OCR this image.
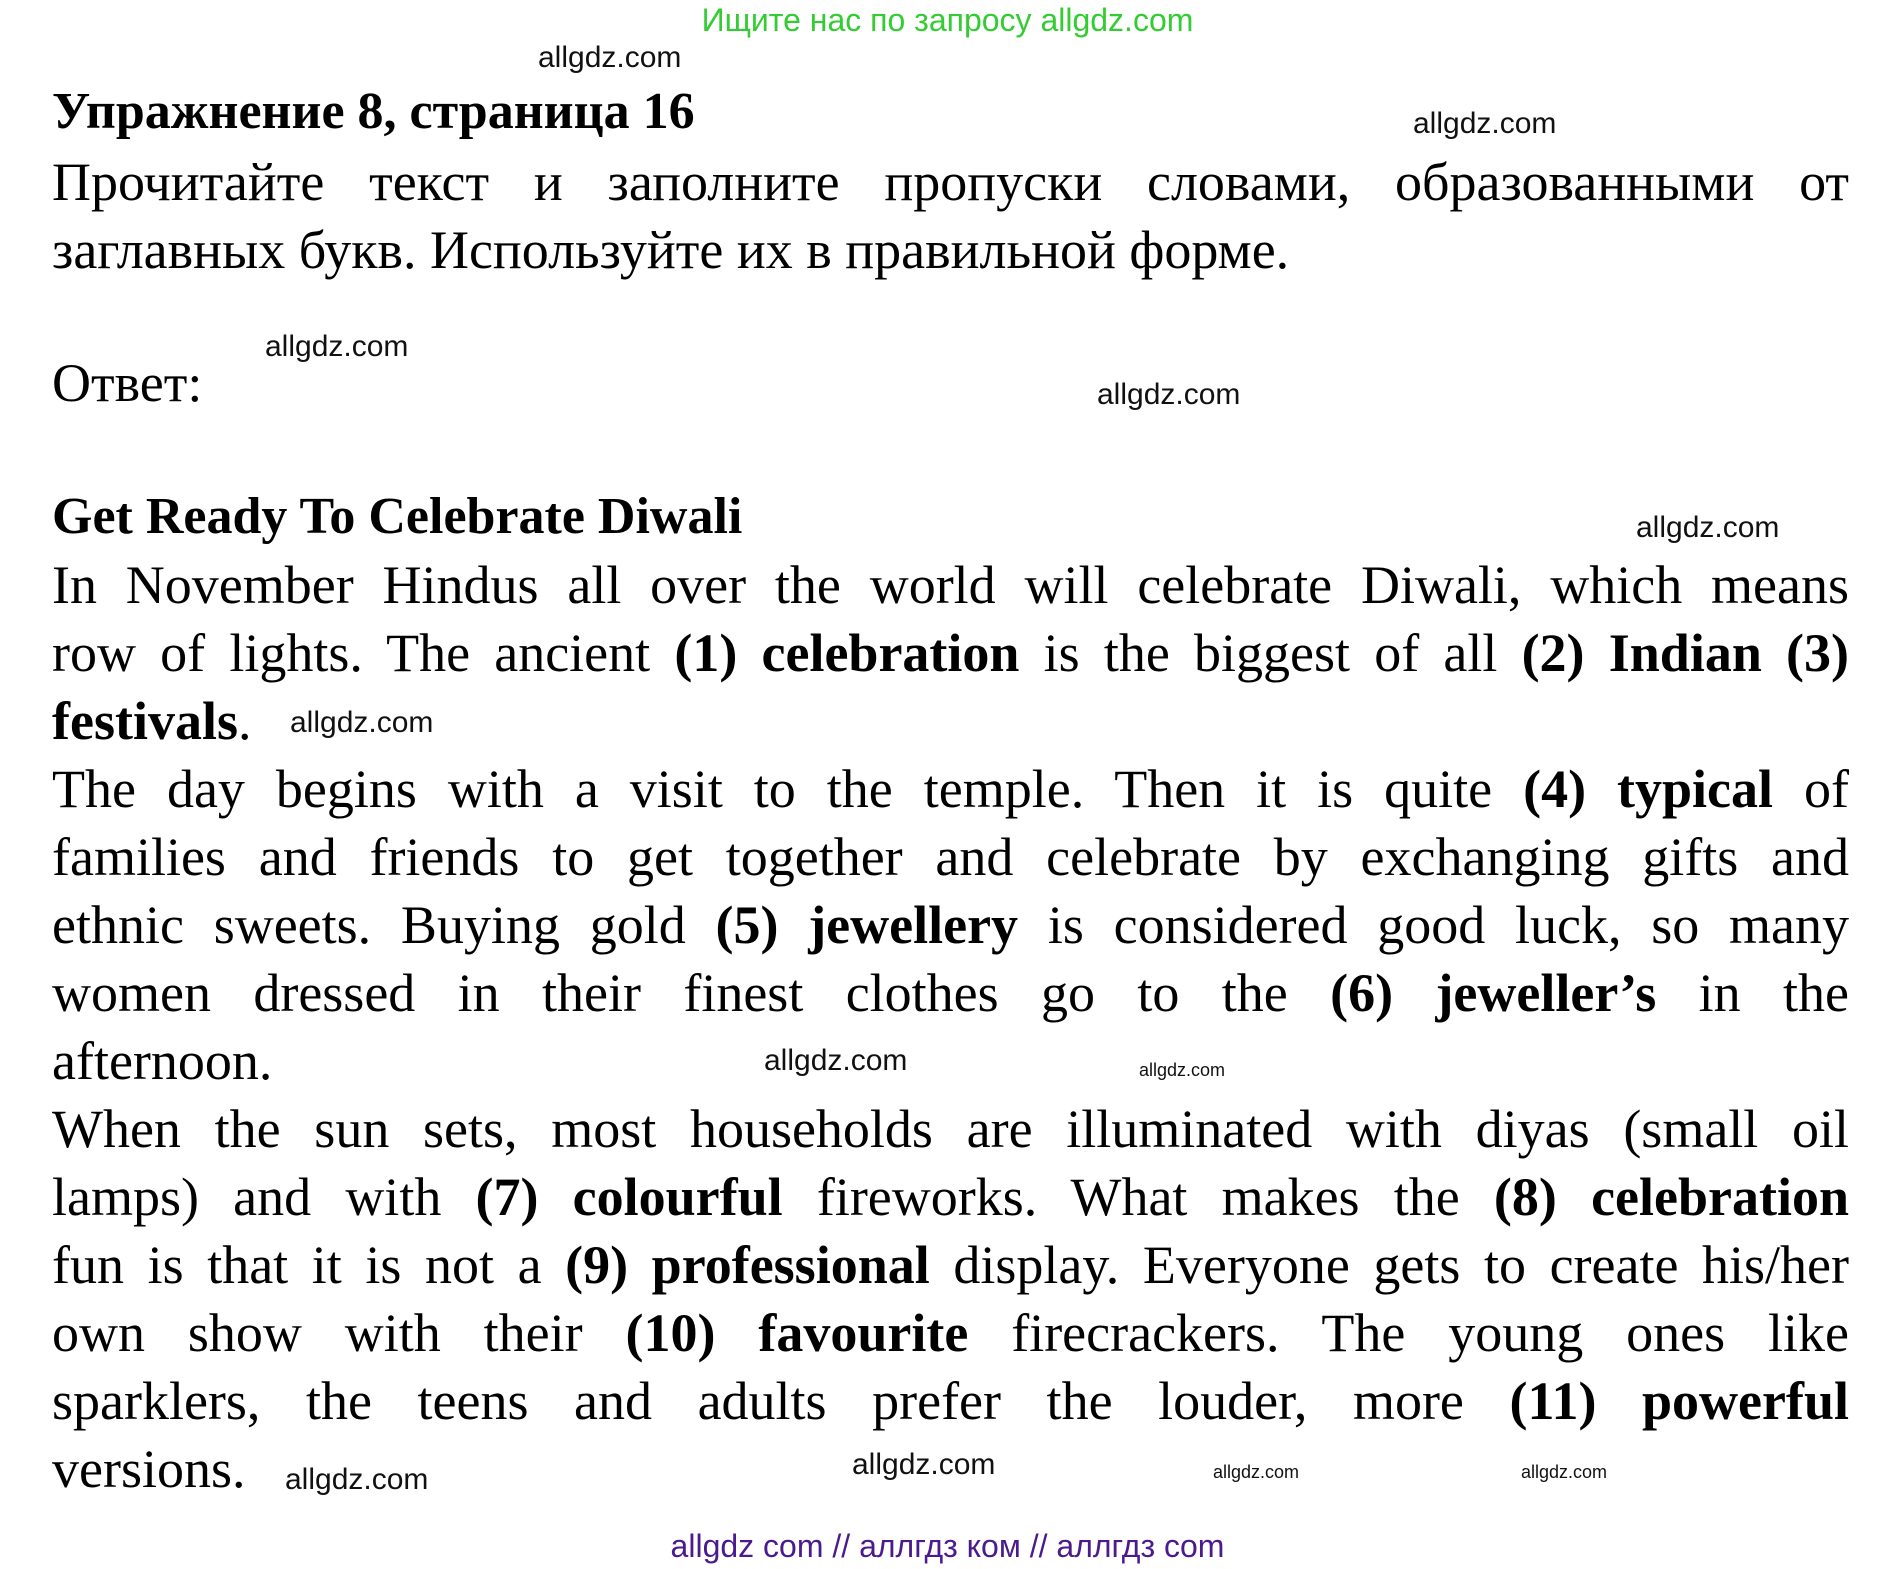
Ищите нас по запросу allgdz.com
allgdz.com
Упражнение 8, страница 16	allgdz.com
Прочитайте текст и заполните пропуски словами, образованными от
заглавных букв. Используйте их в правильной форме.
allgdz.com
Ответ:	allgdz.com
Get Ready To Celebrate Diwali	allgdz.com
In November Hindus all over the world will celebrate Diwali, which means
row of lights. The ancient (1) celebration is the biggest of all (2) Indian (3)
festivals.
The day begins with a visit to the temple. Then it is quite (4) typical of
families and friends to get together and celebrate by exchanging gifts and
ethnic sweets. Buying gold (5) jewellery is considered good luck, so many
women dressed in their finest clothes go to the (6) jeweller’s in the
afternoon.
When the sun sets, most households are illuminated with diyas (small oil
lamps) and with (7) colourful fireworks. What makes the (8) celebration
fun is that it is not a (9) professional display. Everyone gets to create his/her
own show with their (10) favourite firecrackers. The young ones like
sparklers, the teens and adults prefer the louder, more (11) powerful
versions.
allgdz.com
allgdz.com	allgdz.com
allgdz.com	allgdz.com	allgdz.com
allgdz.com
allgdz com // аллгдз ком // аллгдз com
